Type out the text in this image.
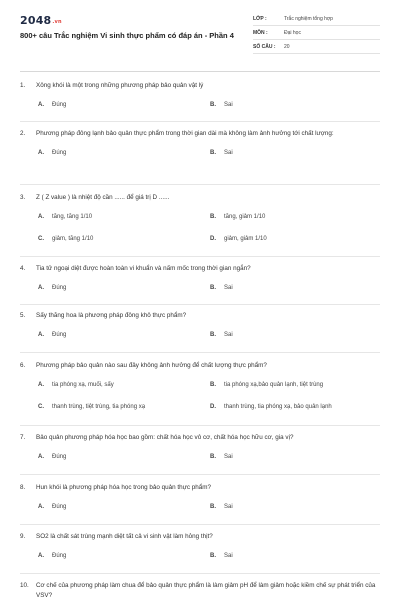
2048.vn
800+ câu Trắc nghiệm Vi sinh thực phẩm có đáp án - Phần 4
LỚP :	Trắc nghiệm tổng hợp
MÔN :	Đại học
SỐ CÂU :	20
1.	Xông khói là một trong những phương pháp bảo quản vật lý
A. Đúng	B. Sai
2.	Phương pháp đông lạnh bảo quản thực phẩm trong thời gian dài mà không làm ảnh hưởng tới chất lượng:
A. Đúng	B. Sai
3.	Z ( Z value ) là nhiệt độ cần ...... để giá trị D ......
A. tăng, tăng 1/10	B. tăng, giảm 1/10
C. giảm, tăng 1/10	D. giảm, giảm 1/10
4.	Tia tử ngoại diệt được hoàn toàn vi khuẩn và nấm mốc trong thời gian ngắn?
A. Đúng	B. Sai
5.	Sấy thăng hoa là phương pháp đông khô thực phẩm?
A. Đúng	B. Sai
6.	Phương pháp bảo quản nào sau đây không ảnh hưởng để chất lượng thực phẩm?
A. tia phóng xạ, muối, sấy	B. tia phóng xạ,bảo quản lạnh, tiệt trùng
C. thanh trùng, tiệt trùng, tia phóng xạ	D. thanh trùng, tia phóng xạ, bảo quản lạnh
7.	Bảo quản phương pháp hóa học bao gồm: chất hóa học vô cơ, chất hóa học hữu cơ, gia vị?
A. Đúng	B. Sai
8.	Hun khói là phương pháp hóa học trong bảo quản thực phẩm?
A. Đúng	B. Sai
9.	SO2 là chất sát trùng mạnh diệt tất cả vi sinh vật làm hỏng thịt?
A. Đúng	B. Sai
10.	Cơ chế của phương pháp làm chua để bảo quản thực phẩm là làm giảm pH để làm giảm hoặc kiềm chế sự phát triển của VSV?
